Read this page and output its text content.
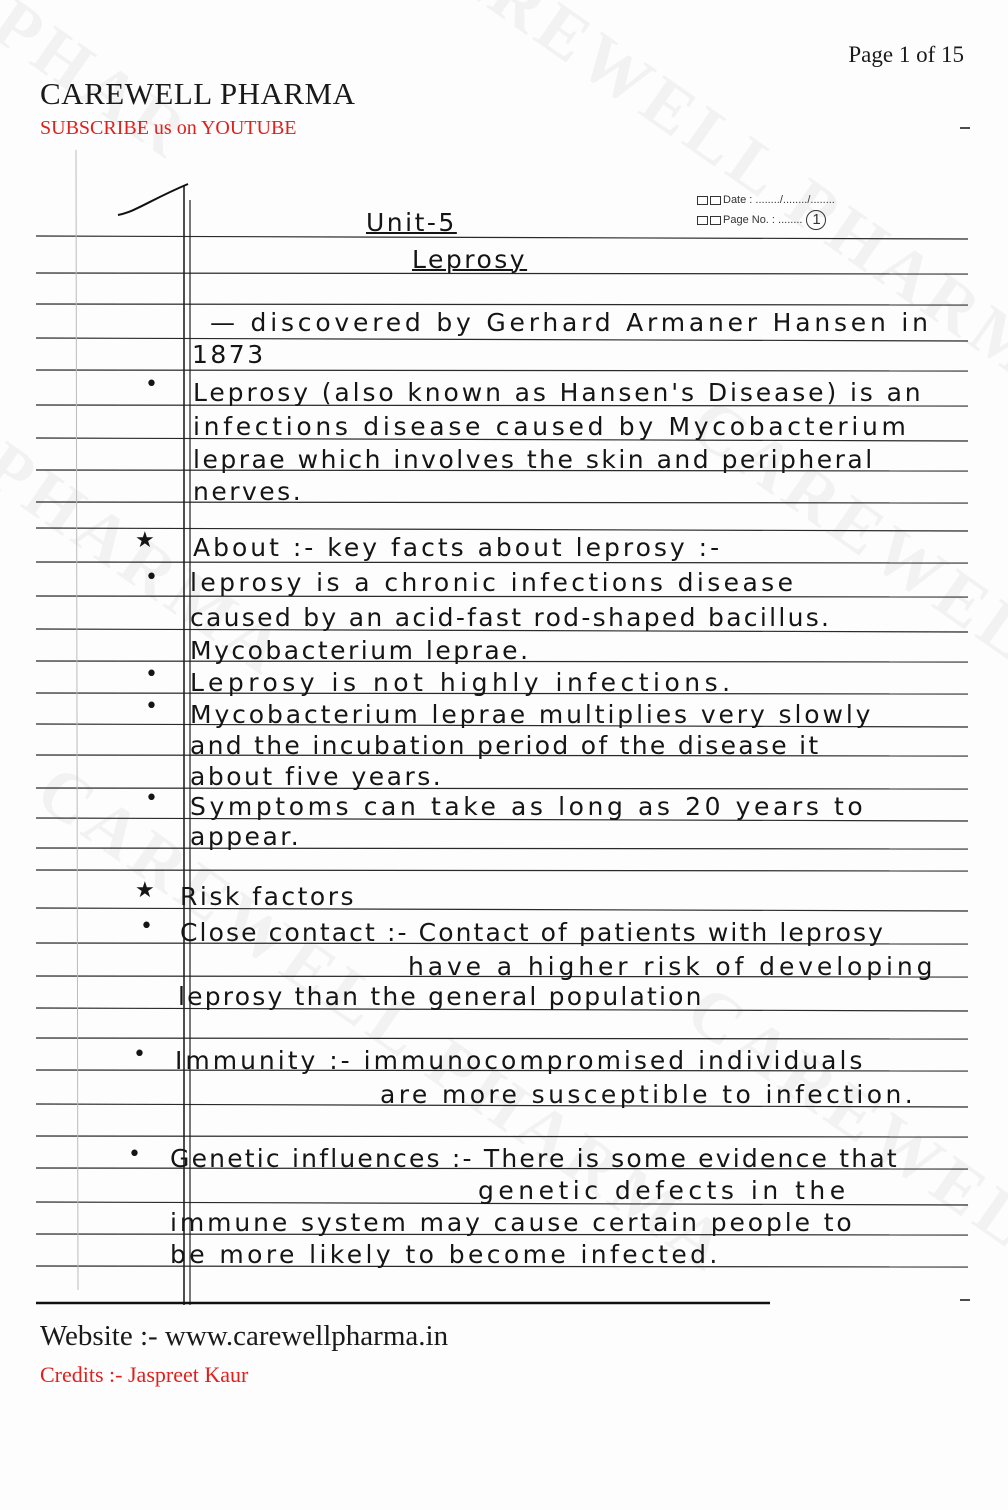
Page 1 of 15
CAREWELL PHARMA
SUBSCRIBE us on YOUTUBE
Date : ......../......../........
Page No. : ........ 1
Unit-5
Leprosy
— discovered by Gerhard Armaner Hansen in
1873
• Leprosy (also known as Hansen's Disease) is an
infections disease caused by Mycobacterium
leprae which involves the skin and peripheral
nerves.
★ About :- key facts about leprosy :-
• leprosy is a chronic infections disease
caused by an acid-fast rod-shaped bacillus.
Mycobacterium leprae.
• Leprosy is not highly infections.
• Mycobacterium leprae multiplies very slowly
and the incubation period of the disease it
about five years.
• Symptoms can take as long as 20 years to
appear.
★ Risk factors
• Close contact :- Contact of patients with leprosy
have a higher risk of developing
leprosy than the general population
• Immunity :- immunocompromised individuals
are more susceptible to infection.
• Genetic influences :- There is some evidence that
genetic defects in the
immune system may cause certain people to
be more likely to become infected.
Website :- www.carewellpharma.in
Credits :- Jaspreet Kaur
